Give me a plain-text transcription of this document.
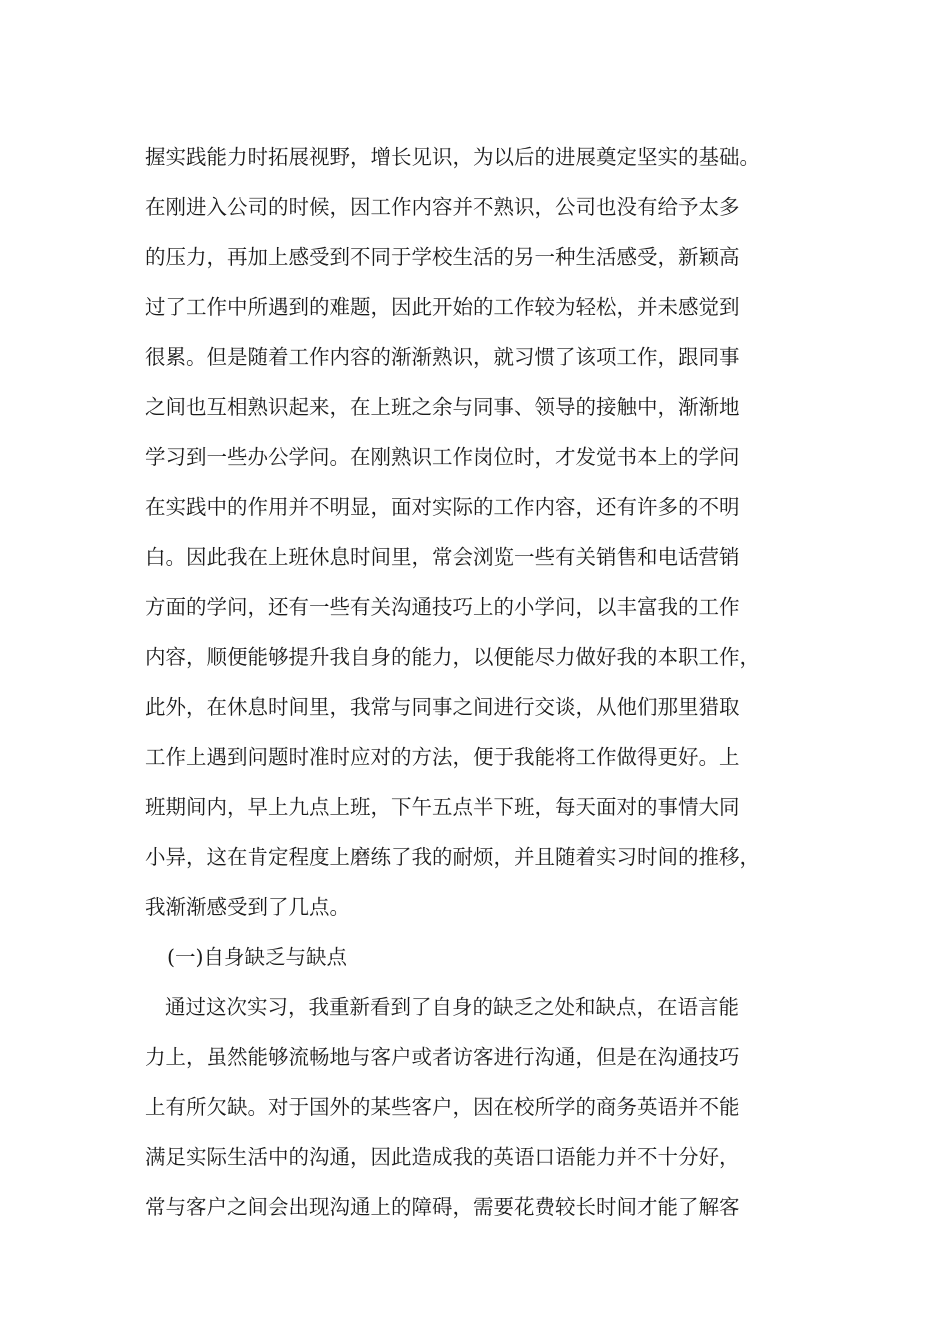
握实践能力时拓展视野，增长见识，为以后的进展奠定坚实的基础。
在刚进入公司的时候，因工作内容并不熟识，公司也没有给予太多
的压力，再加上感受到不同于学校生活的另一种生活感受，新颖高
过了工作中所遇到的难题，因此开始的工作较为轻松，并未感觉到
很累。但是随着工作内容的渐渐熟识，就习惯了该项工作，跟同事
之间也互相熟识起来，在上班之余与同事、领导的接触中，渐渐地
学习到一些办公学问。在刚熟识工作岗位时，才发觉书本上的学问
在实践中的作用并不明显，面对实际的工作内容，还有许多的不明
白。因此我在上班休息时间里，常会浏览一些有关销售和电话营销
方面的学问，还有一些有关沟通技巧上的小学问，以丰富我的工作
内容，顺便能够提升我自身的能力，以便能尽力做好我的本职工作，
此外，在休息时间里，我常与同事之间进行交谈，从他们那里猎取
工作上遇到问题时准时应对的方法，便于我能将工作做得更好。上
班期间内，早上九点上班，下午五点半下班，每天面对的事情大同
小异，这在肯定程度上磨练了我的耐烦，并且随着实习时间的推移，
我渐渐感受到了几点。
(一)自身缺乏与缺点
通过这次实习，我重新看到了自身的缺乏之处和缺点，在语言能
力上，虽然能够流畅地与客户或者访客进行沟通，但是在沟通技巧
上有所欠缺。对于国外的某些客户，因在校所学的商务英语并不能
满足实际生活中的沟通，因此造成我的英语口语能力并不十分好，
常与客户之间会出现沟通上的障碍，需要花费较长时间才能了解客
